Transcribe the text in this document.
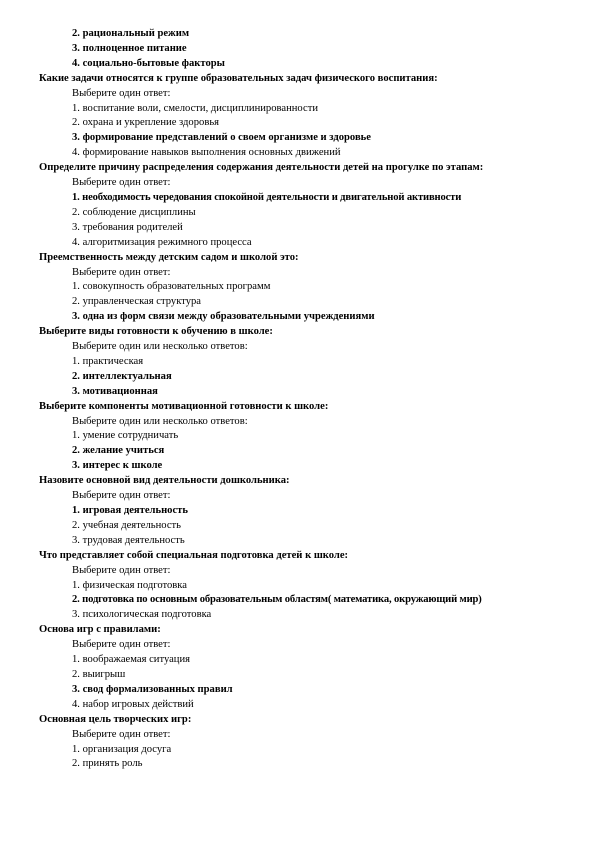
2. рациональный режим
3. полноценное питание
4. социально-бытовые факторы
Какие задачи относятся к группе образовательных задач физического воспитания:
Выберите один ответ:
1. воспитание воли, смелости, дисциплинированности
2. охрана и укрепление здоровья
3. формирование представлений о своем организме и здоровье
4. формирование навыков выполнения основных движений
Определите причину распределения содержания деятельности детей на прогулке по этапам:
Выберите один ответ:
1. необходимость чередования спокойной деятельности и двигательной активности
2. соблюдение дисциплины
3. требования родителей
4. алгоритмизация режимного процесса
Преемственность между детским садом и школой это:
Выберите один ответ:
1. совокупность образовательных программ
2. управленческая структура
3. одна из форм связи между образовательными учреждениями
Выберите виды готовности к обучению в школе:
Выберите один или несколько ответов:
1. практическая
2. интеллектуальная
3. мотивационная
Выберите компоненты мотивационной готовности к школе:
Выберите один или несколько ответов:
1. умение сотрудничать
2. желание учиться
3. интерес к школе
Назовите основной вид деятельности дошкольника:
Выберите один ответ:
1. игровая деятельность
2. учебная деятельность
3. трудовая деятельность
Что представляет собой специальная подготовка детей к школе:
Выберите один ответ:
1. физическая подготовка
2. подготовка по основным образовательным областям( математика, окружающий мир)
3. психологическая подготовка
Основа игр с правилами:
Выберите один ответ:
1. воображаемая ситуация
2. выигрыш
3. свод формализованных правил
4. набор игровых действий
Основная цель творческих игр:
Выберите один ответ:
1. организация досуга
2. принять роль
